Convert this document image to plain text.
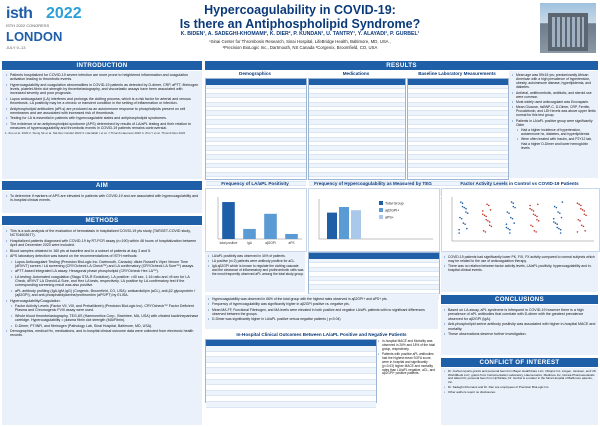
isth 2022
ISTH 2022 CONGRESS
LONDON
JULY 9–13
Hypercoagulability in COVID-19:
Is there an Antiphospholipid Syndrome?
K. BIDEN¹, A. SADEGHI-KHOMAMI², K. DIER², P. KUNDAN¹, U. TANTRY¹, Y. ALAYADI¹, P. GURBEL¹
¹Sinai Center for Thrombosis Research, Sinai Hospital, LifeBridge Health, Baltimore, MD, USA ,
²Precision BioLogic Inc., Dartmouth, NS Canada ³Corgenix, Broomfield, CO, USA
INTRODUCTION

• Patients hospitalized for COVID-19 severe infection are more prone to heightened inflammation and coagulation activation leading to thrombotic events.

• Hypercoagulability and coagulation abnormalities in COVID-19 patients as detected by D-dimer, CRP, aPTT, fibrinogen levels, platelet-fibrin clot strength by thrombelastography, and viscoelastic assays have been associated with increased severity and poor prognosis.

• Lupus anticoagulant (LA) interferes and prolongs the clotting process, which is a risk factor for arterial and venous thrombosis. LA positivity may be a chronic or transient condition in the setting of inflammation or infection.

• Antiphospholipid antibodies (aPLs) are produced as an autoimmune response to phospholipids present on cell membranes and are associated with increased risk of thrombosis.

• Testing for LA is essential in patients with hypercoagulable states and antiphospholipid syndromes.

• The existence of an antiphospholipid syndrome (APS) determined by results of LA/aPL testing and their relation to measures of hypercoagulability and thrombotic events in COVID-19 patients remains controversial.

1. Zuo et al. 2020 2. Siong Sk et al. Nat Rev Cardiol 2020 3. Harzallah I et al. J Thromb Haemost 2020 4. Zhu Y et al. Thromb Res 2022

AIM

• To determine if markers of APS are elevated in patients with COVID-19 and are associated with hypercoagulability and in-hospital clinical events.

METHODS

• This is a sub-analysis of the evaluation of hemostasis in hospitalized COVID-19 pts study (TARGET-COVID study, NCT04603677).

• Hospitalized patients diagnosed with COVID-19 by RT-PCR assay (n=190) within 48 hours of hospitalization between April and December 2020 were included.

• Blood samples obtained in 160 pts at baseline and in a subset of patients at day 3 and 5.

• APS laboratory detection was based on the recommendations of ISTH methods:

• Lupus Anticoagulant Testing (Precision BioLogic Inc. Dartmouth, Canada): dilute Russell's Viper Venom Time (dRVVT) screen / LA screening (CRYOcheck LA Check™) and LA confirmatory (CRYOcheck LA Sure™) assays.

• aPTT-based integrated LA assay: Hexagonal phase phospholipid (CRYOcheck Hex LA™).

• LA testing: Automated coagulation (Stago STA-R Evolution). LA positive: >40 sec, 1.16 ratio and >8 sec for LA Check, dRVVT LA Check/LA Sure, and Hex LA tests, respectively. LA positive by LA confirmatory test if the corresponding screening result was also positive.

• aPL antibody profiling (IgA,IgM,IgG) (Corgenix, Broomfield, CO, USA): anticardiolipin (aCL), anti-β2 glycoprotein I (aβ2GPI), and anti-phosphatidylserine/prothrombin (aPS/PT) by ELISA.

• Hypercoagulability/Coagulation:

• Factor Activity Levels (Factor VII, VIII, and Prekallikrein) (Precision BioLogic Inc). CRYOcheck™ Factor Deficient Plasma and Chromogenic FVIII assay were used.

• Whole blood thrombelastography, TEG-6S (Haemonetics Corp., Braintree, MA, USA) with citrated kaolinheparinase cartridge. Hypercoagulability = plasma fibrin clot strength (MA/Fibrin).

• D-Dimer, PT/INR, and fibrinogen (Pathology Lab, Sinai Hospital, Baltimore, MD, USA).

• Demographics, medical Hx, medications, and in-hospital clinical outcome data were collected from electronic health records.

RESULTS
Demographics	Medications	Baseline Laboratory Measurements

•	Mean age was 59±15 yrs; predominantly African American with a high prevalence of hypertension, obesity, autoimmune disease, hyperlipidemia, and diabetes.

• Antiviral, antithrombotic, antibiotic, and steroid use were common.

• Most widely used anticoagulant was Enoxaparin.

• Mean Glucose, hsBNP-C, D-Dimer, CRP, Ferritin, Procalcitonin, and LDH levels was above upper limits normal for this test group.

• Patients in LA/aPL positive group were significantly Older

• Had a higher incidence of hypertension, autoimmune hx, diabetes, and hyperlipidemia

• Were often treated with Insulin, and P2Y12 tab, Had a higher D-Dimer and lower hemoglobin levels

Frequency of LA/aPL Positivity
total positive	IgA	aβ2GPI	aPS
Frequency of Hypercoagulability as Measured by TEG
Total Group
aβ2GPI+
aPS+
Factor Activity Levels in Control vs COVID-19 Patients

• LA/aPL positivity was observed in 44% of patients.

• LA positive (n=2) patients were antibody positive for aCL.

• IgA aβ2GPI which is known to regulate the clotting cascade and the clearance of inflammatory and prothrombotic cells was the most frequently observed aPL among the total study group.

• COVID-19 patients had significantly lower PK, FXI, FX activity compared to normal subjects which may be related to the use of anticoagulation therapy.

• There was no relation between factor activity levels, LA/aPL positivity, hypercoagulability and in-hospital clinical events.

• Hypercoagulability was observed in 66% of the total group with the highest rates observed in aβ2GPI+ and aPS+ pts.

• Frequency of hypercoagulability was significantly higher in aβ2GPI positive vs. negative pts.

• Mean MA-FF, Functional Fibrinogen, and MA levels were elevated in both positive and negative LA/aPL patients with no significant differences observed between the groups.

• D-Dimer was significantly higher in LA/aPL positive versus negative patients ( p<0.04)

In-Hospital Clinical Outcomes Between LA/aPL Positive and Negative Patients

• In-hospital MACE and Mortality was observed in 26% and 18% of the total group, respectively.

• Patients with positive aPL antibodies had the highest mean SOFA score, were in hospital and significantly (p=0.03) higher MACE and mortality rates than LA/aPL negative, aCL, and aβ2GPI+ positive patients.

CONCLUSIONS

• Based on LA assay, aPL syndrome is infrequent in COVID-19 however there is a high prevalence of aPL antibodies that correlate with D-dimer with the greatest prevalence observed for aβ2GPI (IgA).

• Anti-phospholipid serine antibody positivity was associated with higher in-hospital MACE and mortality.

• These observations deserve further investigation.

CONFLICT OF INTEREST

• Dr. Gurbel reports grants and personal fees from Bayer HealthCare LLC, Otitopic Inc, Amgen, Janssen, and US WorldMeds LLC; grants from Instrumentation Laboratory, Haemonetics, Medicure Inc, Idorsia Pharmaceuticals and Hikari Dx; personal fees from UpToDate; Dr. Gurbel is a relator in the Sinai Hospital of Baltimore patents, Inc.

• Dr. Sadeghi-Khomami and Dr. Dier are employees of Precision BioLogic Inc.

• Other authors report no disclosures.
